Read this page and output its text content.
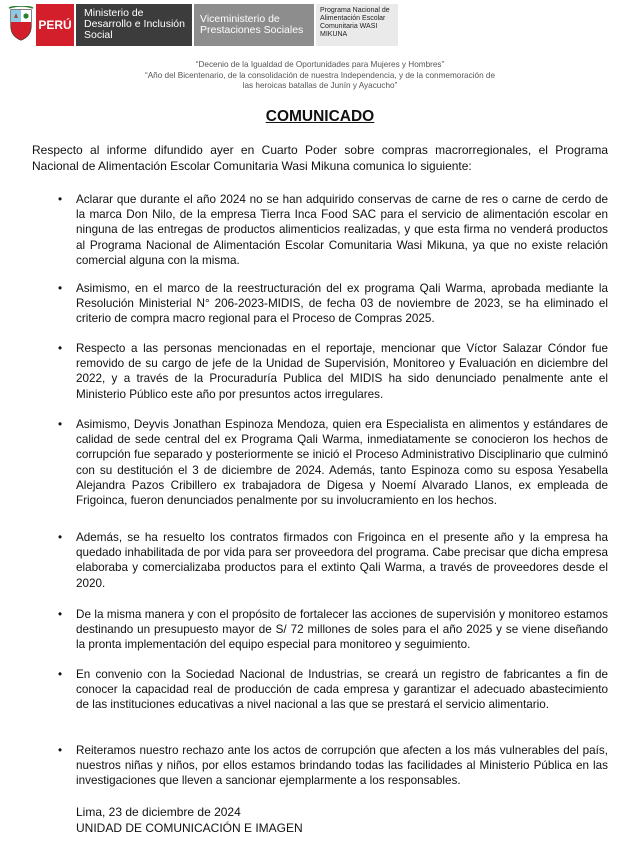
PERÚ
Ministerio de Desarrollo e Inclusión Social
Viceministerio de Prestaciones Sociales
Programa Nacional de Alimentación Escolar Comunitaria WASI MIKUNA

“Decenio de la Igualdad de Oportunidades para Mujeres y Hombres”

“Año del Bicentenario, de la consolidación de nuestra Independencia, y de la conmemoración de

las heroicas batallas de Junín y Ayacucho”

COMUNICADO

Respecto al informe difundido ayer en Cuarto Poder sobre compras macrorregionales, el Programa Nacional de Alimentación Escolar Comunitaria Wasi Mikuna comunica lo siguiente:

• Aclarar que durante el año 2024 no se han adquirido conservas de carne de res o carne de cerdo de la marca Don Nilo, de la empresa Tierra Inca Food SAC para el servicio de alimentación escolar en ninguna de las entregas de productos alimenticios realizadas, y que esta firma no venderá productos al Programa Nacional de Alimentación Escolar Comunitaria Wasi Mikuna, ya que no existe relación comercial alguna con la misma.
• Asimismo, en el marco de la reestructuración del ex programa Qali Warma, aprobada mediante la Resolución Ministerial N° 206-2023-MIDIS, de fecha 03 de noviembre de 2023, se ha eliminado el criterio de compra macro regional para el Proceso de Compras 2025.
• Respecto a las personas mencionadas en el reportaje, mencionar que Víctor Salazar Cóndor fue removido de su cargo de jefe de la Unidad de Supervisión, Monitoreo y Evaluación en diciembre del 2022, y a través de la Procuraduría Publica del MIDIS ha sido denunciado penalmente ante el Ministerio Público este año por presuntos actos irregulares.
• Asimismo, Deyvis Jonathan Espinoza Mendoza, quien era Especialista en alimentos y estándares de calidad de sede central del ex Programa Qali Warma, inmediatamente se conocieron los hechos de corrupción fue separado y posteriormente se inició el Proceso Administrativo Disciplinario que culminó con su destitución el 3 de diciembre de 2024. Además, tanto Espinoza como su esposa Yesabella Alejandra Pazos Cribillero ex trabajadora de Digesa y Noemí Alvarado Llanos, ex empleada de Frigoinca, fueron denunciados penalmente por su involucramiento en los hechos.
• Además, se ha resuelto los contratos firmados con Frigoinca en el presente año y la empresa ha quedado inhabilitada de por vida para ser proveedora del programa. Cabe precisar que dicha empresa elaboraba y comercializaba productos para el extinto Qali Warma, a través de proveedores desde el 2020.
• De la misma manera y con el propósito de fortalecer las acciones de supervisión y monitoreo estamos destinando un presupuesto mayor de S/ 72 millones de soles para el año 2025 y se viene diseñando la pronta implementación del equipo especial para monitoreo y seguimiento.
• En convenio con la Sociedad Nacional de Industrias, se creará un registro de fabricantes a fin de conocer la capacidad real de producción de cada empresa y garantizar el adecuado abastecimiento de las instituciones educativas a nivel nacional a las que se prestará el servicio alimentario.
• Reiteramos nuestro rechazo ante los actos de corrupción que afecten a los más vulnerables del país, nuestros niñas y niños, por ellos estamos brindando todas las facilidades al Ministerio Pública en las investigaciones que lleven a sancionar ejemplarmente a los responsables.
Lima, 23 de diciembre de 2024
UNIDAD DE COMUNICACIÓN E IMAGEN
